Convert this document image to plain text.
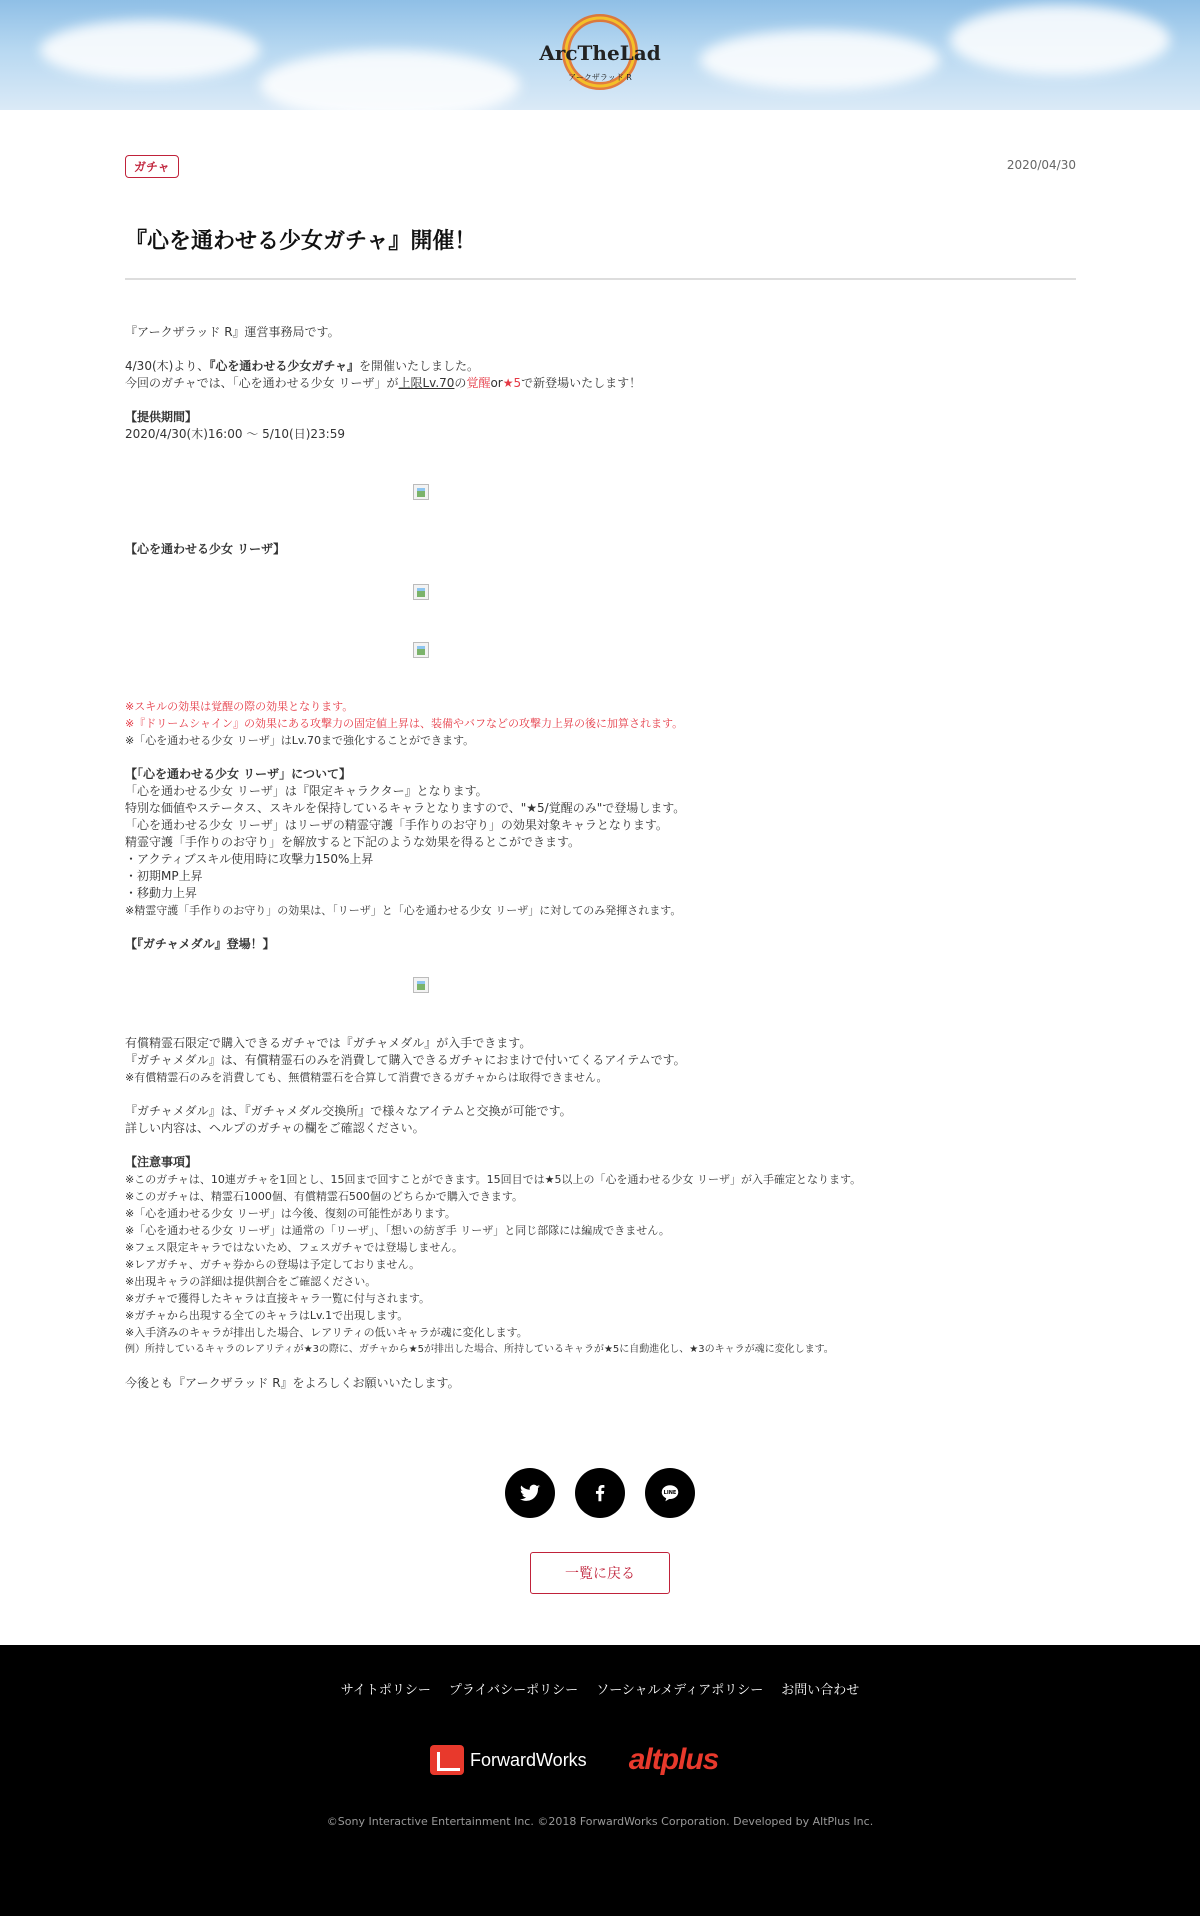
ArcTheLad
アークザラッド R
ガチャ	2020/04/30
『心を通わせる少女ガチャ』開催！

『アークザラッド R』運営事務局です。

4/30(木)より、『心を通わせる少女ガチャ』を開催いたしました。

今回のガチャでは、「心を通わせる少女 リーザ」が上限Lv.70の覚醒or★5で新登場いたします！

【提供期間】

2020/4/30(木)16:00 〜 5/10(日)23:59

【心を通わせる少女 リーザ】

※スキルの効果は覚醒の際の効果となります。

※『ドリームシャイン』の効果にある攻撃力の固定値上昇は、装備やバフなどの攻撃力上昇の後に加算されます。

※「心を通わせる少女 リーザ」はLv.70まで強化することができます。

【「心を通わせる少女 リーザ」について】

「心を通わせる少女 リーザ」は『限定キャラクター』となります。

特別な価値やステータス、スキルを保持しているキャラとなりますので、"★5/覚醒のみ"で登場します。

「心を通わせる少女 リーザ」はリーザの精霊守護「手作りのお守り」の効果対象キャラとなります。

精霊守護「手作りのお守り」を解放すると下記のような効果を得るとこができます。

・アクティブスキル使用時に攻撃力150%上昇

・初期MP上昇

・移動力上昇

※精霊守護「手作りのお守り」の効果は、「リーザ」と「心を通わせる少女 リーザ」に対してのみ発揮されます。

【『ガチャメダル』登場！】

有償精霊石限定で購入できるガチャでは『ガチャメダル』が入手できます。

『ガチャメダル』は、有償精霊石のみを消費して購入できるガチャにおまけで付いてくるアイテムです。

※有償精霊石のみを消費しても、無償精霊石を合算して消費できるガチャからは取得できません。

『ガチャメダル』は、『ガチャメダル交換所』で様々なアイテムと交換が可能です。

詳しい内容は、ヘルプのガチャの欄をご確認ください。

【注意事項】

※このガチャは、10連ガチャを1回とし、15回まで回すことができます。15回目では★5以上の「心を通わせる少女 リーザ」が入手確定となります。

※このガチャは、精霊石1000個、有償精霊石500個のどちらかで購入できます。

※「心を通わせる少女 リーザ」は今後、復刻の可能性があります。

※「心を通わせる少女 リーザ」は通常の「リーザ」、「想いの紡ぎ手 リーザ」と同じ部隊には編成できません。

※フェス限定キャラではないため、フェスガチャでは登場しません。

※レアガチャ、ガチャ券からの登場は予定しておりません。

※出現キャラの詳細は提供割合をご確認ください。

※ガチャで獲得したキャラは直接キャラ一覧に付与されます。

※ガチャから出現する全てのキャラはLv.1で出現します。

※入手済みのキャラが排出した場合、レアリティの低いキャラが魂に変化します。

例）所持しているキャラのレアリティが★3の際に、ガチャから★5が排出した場合、所持しているキャラが★5に自動進化し、★3のキャラが魂に変化します。

今後とも『アークザラッド R』をよろしくお願いいたします。

LINE
一覧に戻る
サイトポリシー プライバシーポリシー ソーシャルメディアポリシー お問い合わせ
ForwardWorks altplus
©Sony Interactive Entertainment Inc. ©2018 ForwardWorks Corporation. Developed by AltPlus Inc.
